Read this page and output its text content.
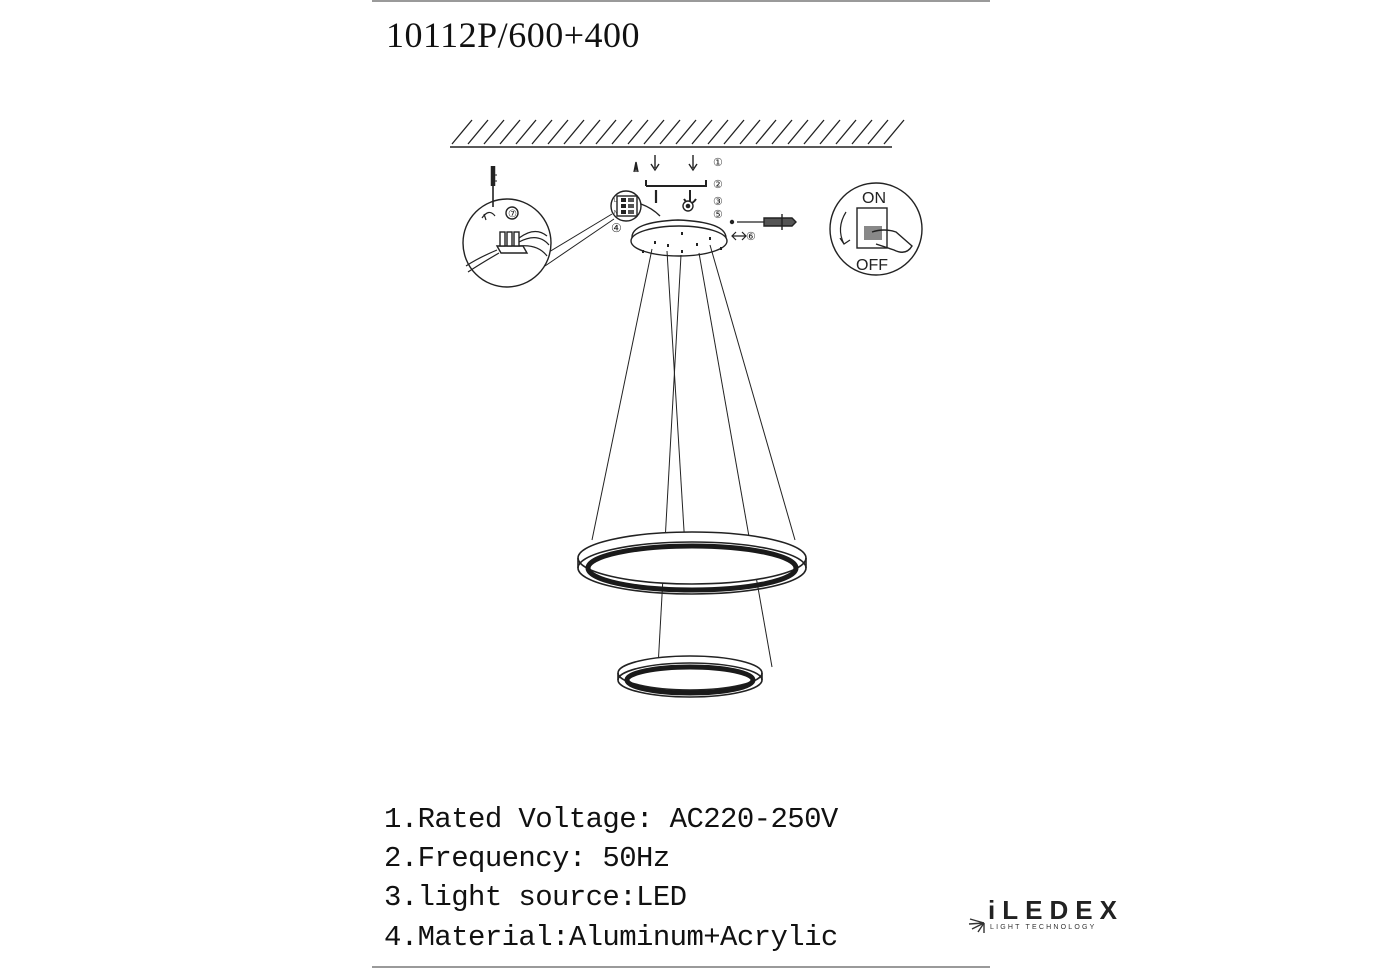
10112P/600+400
①
②
③
⑤
⑥
L
N
④
⑦
ON
OFF
1.Rated Voltage: AC220-250V
2.Frequency: 50Hz
3.light source:LED
4.Material:Aluminum+Acrylic
iLEDEX
LIGHT TECHNOLOGY
